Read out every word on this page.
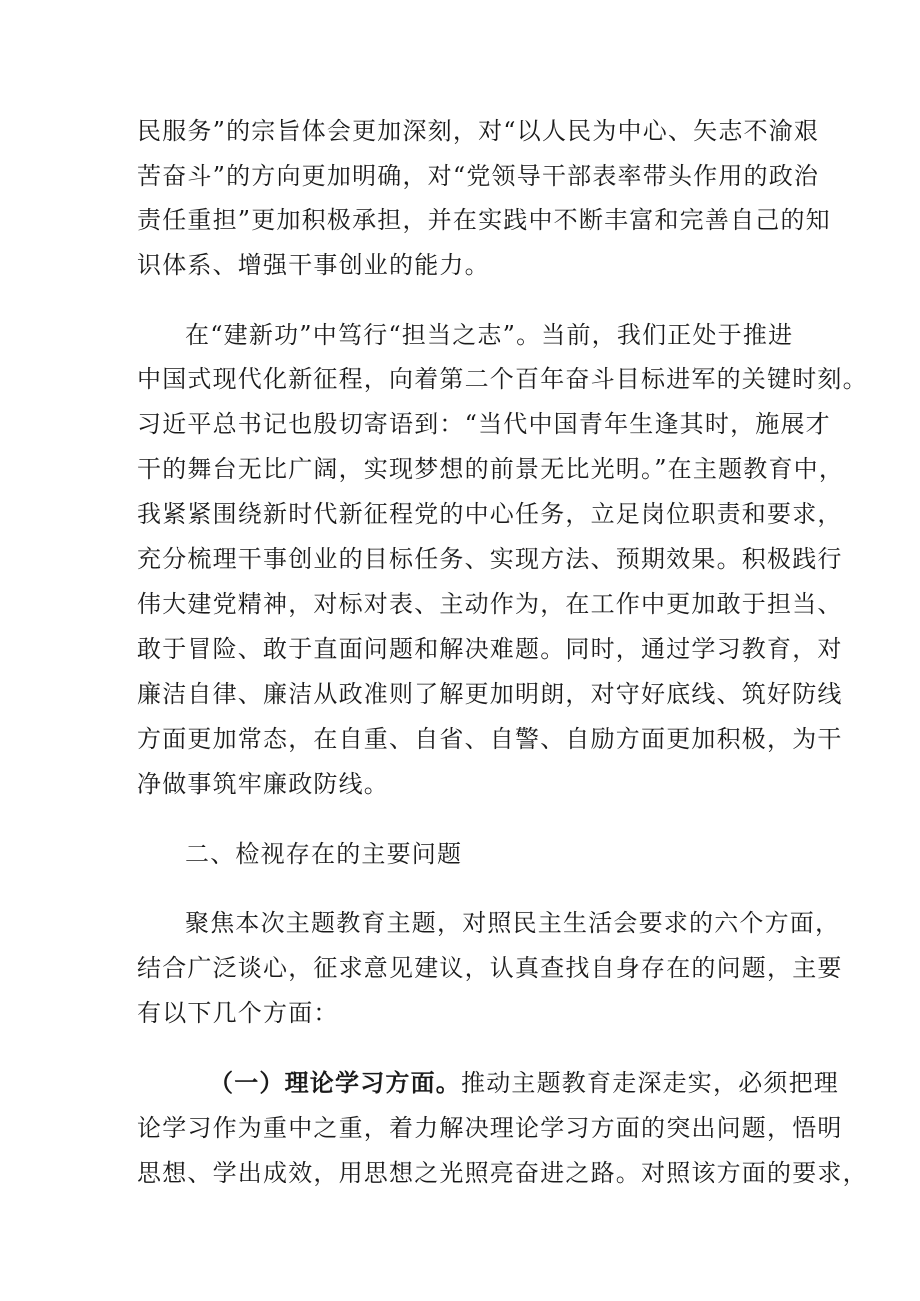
民服务”的宗旨体会更加深刻，对“以人民为中心、矢志不渝艰
苦奋斗”的方向更加明确，对“党领导干部表率带头作用的政治
责任重担”更加积极承担，并在实践中不断丰富和完善自己的知
识体系、增强干事创业的能力。
在“建新功”中笃行“担当之志”。当前，我们正处于推进
中国式现代化新征程，向着第二个百年奋斗目标进军的关键时刻。
习近平总书记也殷切寄语到：“当代中国青年生逢其时，施展才
干的舞台无比广阔，实现梦想的前景无比光明。”在主题教育中，
我紧紧围绕新时代新征程党的中心任务，立足岗位职责和要求，
充分梳理干事创业的目标任务、实现方法、预期效果。积极践行
伟大建党精神，对标对表、主动作为，在工作中更加敢于担当、
敢于冒险、敢于直面问题和解决难题。同时，通过学习教育，对
廉洁自律、廉洁从政准则了解更加明朗，对守好底线、筑好防线
方面更加常态，在自重、自省、自警、自励方面更加积极，为干
净做事筑牢廉政防线。
二、检视存在的主要问题
聚焦本次主题教育主题，对照民主生活会要求的六个方面，
结合广泛谈心，征求意见建议，认真查找自身存在的问题，主要
有以下几个方面：
（一）理论学习方面。推动主题教育走深走实，必须把理
论学习作为重中之重，着力解决理论学习方面的突出问题，悟明
思想、学出成效，用思想之光照亮奋进之路。对照该方面的要求，
